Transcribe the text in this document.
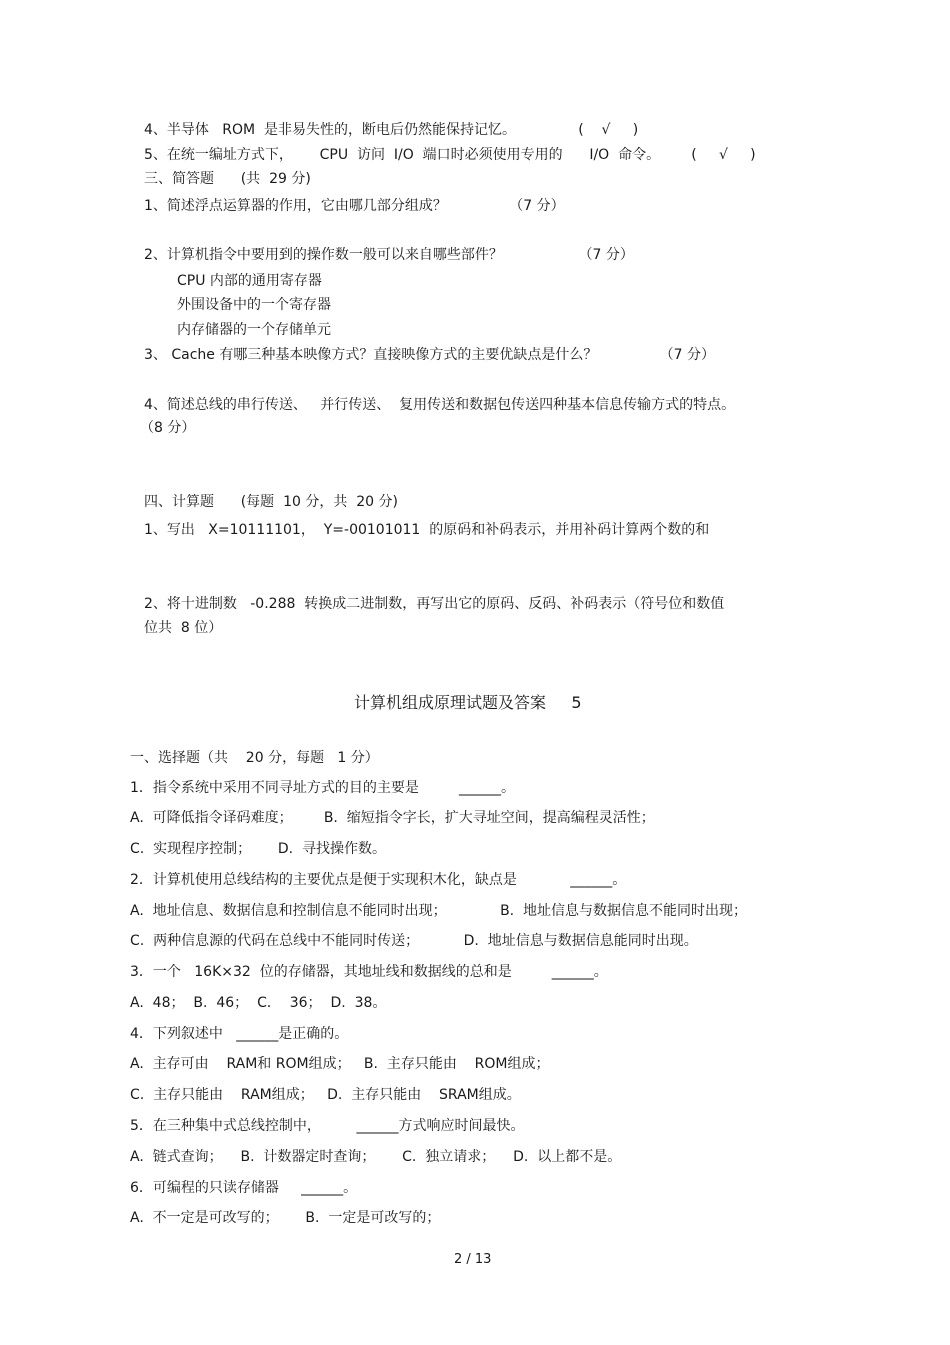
4、半导体   ROM  是非易失性的，断电后仍然能保持记忆。              (    √     )
5、在统一编址方式下，      CPU  访问  I/O  端口时必须使用专用的      I/O  命令。       (     √     )
三、简答题      (共  29 分)
1、简述浮点运算器的作用，它由哪几部分组成？              （7 分）
2、计算机指令中要用到的操作数一般可以来自哪些部件？                 （7 分）
CPU 内部的通用寄存器
外围设备中的一个寄存器
内存储器的一个存储单元
3、 Cache 有哪三种基本映像方式？直接映像方式的主要优缺点是什么？              （7 分）
4、简述总线的串行传送、   并行传送、  复用传送和数据包传送四种基本信息传输方式的特点。
（8 分）
四、计算题      (每题  10 分，共  20 分)
1、写出   X=10111101，  Y=-00101011  的原码和补码表示，并用补码计算两个数的和
2、将十进制数   -0.288  转换成二进制数，再写出它的原码、反码、补码表示（符号位和数值
位共  8 位）
计算机组成原理试题及答案     5
一、选择题（共    20 分，每题   1 分）
1．指令系统中采用不同寻址方式的目的主要是         ______。
A.  可降低指令译码难度；       B.  缩短指令字长，扩大寻址空间，提高编程灵活性；
C.  实现程序控制；      D.  寻找操作数。
2．计算机使用总线结构的主要优点是便于实现积木化，缺点是            ______。
A.  地址信息、数据信息和控制信息不能同时出现；            B.  地址信息与数据信息不能同时出现；
C.  两种信息源的代码在总线中不能同时传送；          D.  地址信息与数据信息能同时出现。
3．一个   16K×32  位的存储器，其地址线和数据线的总和是         ______。
A.  48；  B.  46；  C．  36；  D.  38。
4．下列叙述中   ______是正确的。
A.  主存可由    RAM和 ROM组成；   B.  主存只能由    ROM组成；
C.  主存只能由    RAM组成；   D.  主存只能由    SRAM组成。
5．在三种集中式总线控制中，        ______方式响应时间最快。
A.  链式查询；    B.  计数器定时查询；      C.  独立请求；    D.  以上都不是。
6．可编程的只读存储器     ______。
A.  不一定是可改写的；      B.  一定是可改写的；
2 / 13
